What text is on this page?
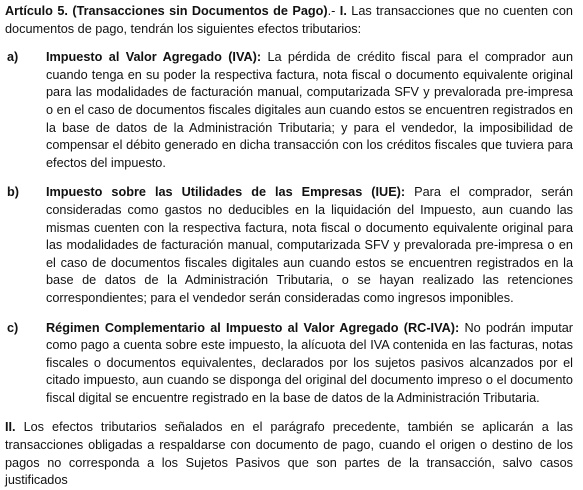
Artículo 5. (Transacciones sin Documentos de Pago).- I. Las transacciones que no cuenten con documentos de pago, tendrán los siguientes efectos tributarios:

a) Impuesto al Valor Agregado (IVA): La pérdida de crédito fiscal para el comprador aun cuando tenga en su poder la respectiva factura, nota fiscal o documento equivalente original para las modalidades de facturación manual, computarizada SFV y prevalorada pre-impresa o en el caso de documentos fiscales digitales aun cuando estos se encuentren registrados en la base de datos de la Administración Tributaria; y para el vendedor, la imposibilidad de compensar el débito generado en dicha transacción con los créditos fiscales que tuviera para efectos del impuesto.
b) Impuesto sobre las Utilidades de las Empresas (IUE): Para el comprador, serán consideradas como gastos no deducibles en la liquidación del Impuesto, aun cuando las mismas cuenten con la respectiva factura, nota fiscal o documento equivalente original para las modalidades de facturación manual, computarizada SFV y prevalorada pre-impresa o en el caso de documentos fiscales digitales aun cuando estos se encuentren registrados en la base de datos de la Administración Tributaria, o se hayan realizado las retenciones correspondientes; para el vendedor serán consideradas como ingresos imponibles.
c) Régimen Complementario al Impuesto al Valor Agregado (RC-IVA): No podrán imputar como pago a cuenta sobre este impuesto, la alícuota del IVA contenida en las facturas, notas fiscales o documentos equivalentes, declarados por los sujetos pasivos alcanzados por el citado impuesto, aun cuando se disponga del original del documento impreso o el documento fiscal digital se encuentre registrado en la base de datos de la Administración Tributaria.

II. Los efectos tributarios señalados en el parágrafo precedente, también se aplicarán a las transacciones obligadas a respaldarse con documento de pago, cuando el origen o destino de los pagos no corresponda a los Sujetos Pasivos que son partes de la transacción, salvo casos justificados
